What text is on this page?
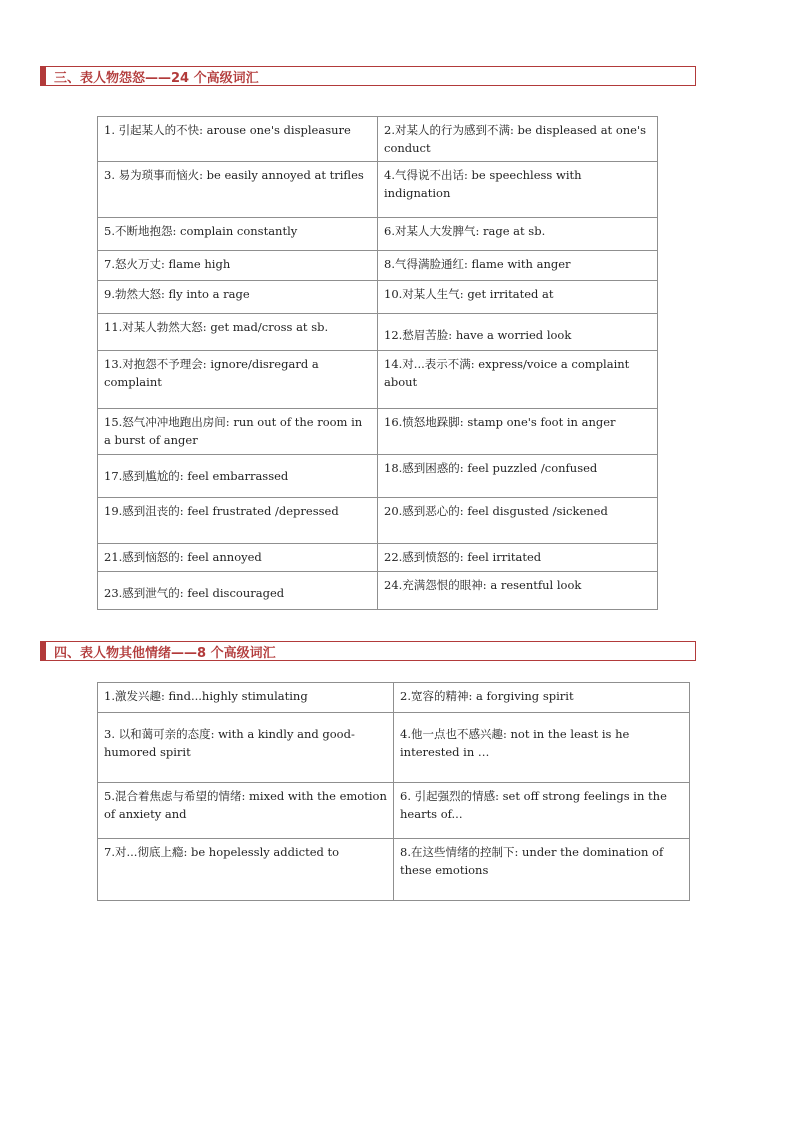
三、表人物怨怒——24 个高级词汇
1. 引起某人的不快: arouse one's displeasure	2.对某人的行为感到不满: be displeased at one's conduct
3. 易为琐事而恼火: be easily annoyed at trifles	4.气得说不出话: be speechless with indignation
5.不断地抱怨: complain constantly	6.对某人大发脾气: rage at sb.
7.怒火万丈: flame high	8.气得满脸通红: flame with anger
9.勃然大怒: fly into a rage	10.对某人生气: get irritated at
11.对某人勃然大怒: get mad/cross at sb.	12.愁眉苦脸: have a worried look
13.对抱怨不予理会: ignore/disregard a complaint	14.对...表示不满: express/voice a complaint about
15.怒气冲冲地跑出房间: run out of the room in a burst of anger	16.愤怒地跺脚: stamp one's foot in anger
17.感到尴尬的: feel embarrassed	18.感到困惑的: feel puzzled /confused
19.感到沮丧的: feel frustrated /depressed	20.感到恶心的: feel disgusted /sickened
21.感到恼怒的: feel annoyed	22.感到愤怒的: feel irritated
23.感到泄气的: feel discouraged	24.充满怨恨的眼神: a resentful look
四、表人物其他情绪——8 个高级词汇
1.激发兴趣: find...highly stimulating	2.宽容的精神: a forgiving spirit
3. 以和蔼可亲的态度: with a kindly and good-humored spirit	4.他一点也不感兴趣: not in the least is he interested in …
5.混合着焦虑与希望的情绪: mixed with the emotion of anxiety and	6. 引起强烈的情感: set off strong feelings in the hearts of...
7.对...彻底上瘾: be hopelessly addicted to	8.在这些情绪的控制下: under the domination of these emotions
